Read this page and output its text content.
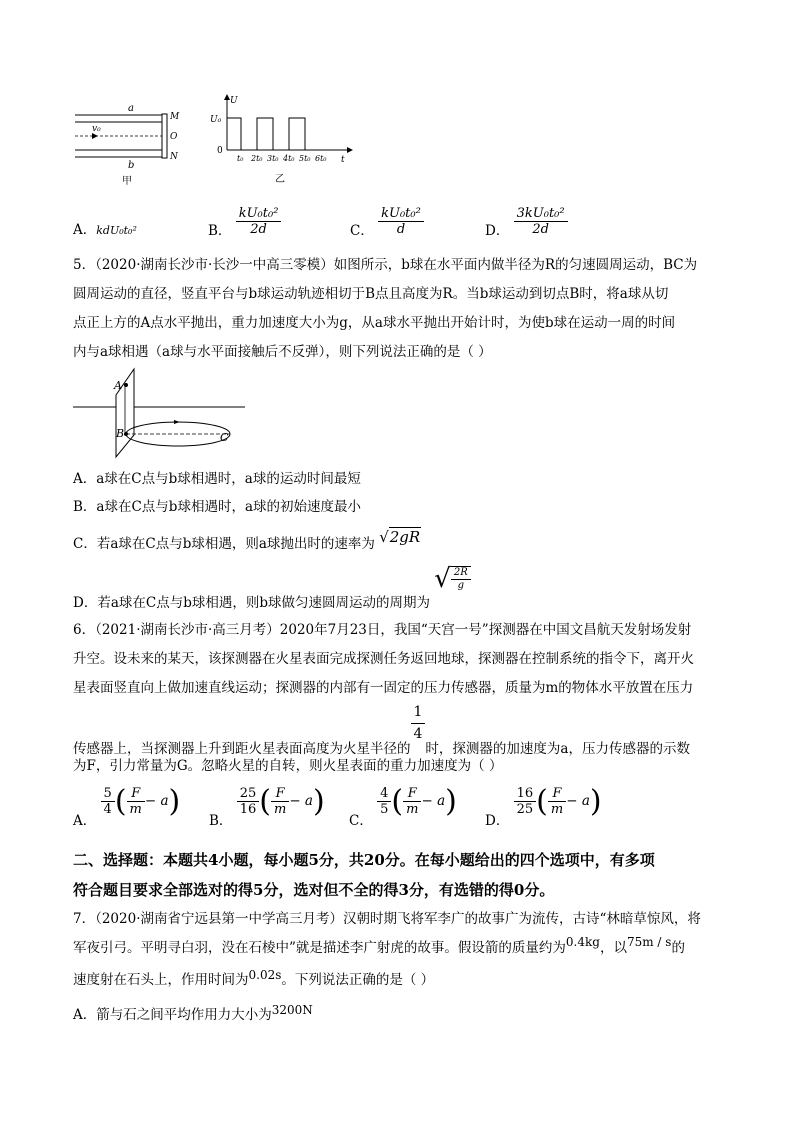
a
v₀
M
O
N
b
甲
U
U₀
0
t
t₀ 2t₀ 3t₀ 4t₀ 5t₀ 6t₀
乙
A．kdU₀t₀²	B． $\frac{\text{kU₀t₀²}}{2d}$	C． $\frac{\text{kU₀t₀²}}{d}$	D． $\frac{\text{3kU₀t₀²}}{2d}$
5．（2020·湖南长沙市·长沙一中高三零模）如图所示，b球在水平面内做半径为R的匀速圆周运动，BC为
圆周运动的直径，竖直平台与b球运动轨迹相切于B点且高度为R。当b球运动到切点B时，将a球从切
点正上方的A点水平抛出，重力加速度大小为g，从a球水平抛出开始计时，为使b球在运动一周的时间
内与a球相遇（a球与水平面接触后不反弹），则下列说法正确的是（ ）
A
B	C
A．a球在C点与b球相遇时，a球的运动时间最短
B．a球在C点与b球相遇时，a球的初始速度最小
C．若a球在C点与b球相遇，则a球抛出时的速率为 √2gR
D．若a球在C点与b球相遇，则b球做匀速圆周运动的周期为 √ $\frac{2R}{g}$
6．（2021·湖南长沙市·高三月考）2020年7月23日，我国“天宫一号”探测器在中国文昌航天发射场发射
升空。设未来的某天，该探测器在火星表面完成探测任务返回地球，探测器在控制系统的指令下，离开火
星表面竖直向上做加速直线运动；探测器的内部有一固定的压力传感器，质量为m的物体水平放置在压力
传感器上，当探测器上升到距火星表面高度为火星半径的
$\frac{1}{4}$
时，探测器的加速度为a，压力传感器的示数
为F，引力常量为G。忽略火星的自转，则火星表面的重力加速度为（ ）
A．
$\frac{5}{4}$ ( $\frac{F}{m} - a$)
B．
$\frac{25}{16}$ ( $\frac{F}{m} - a$)
C．
$\frac{4}{5}$ ( $\frac{F}{m} - a$)
D．
$\frac{16}{25}$ ( $\frac{F}{m} - a$)
二、选择题：本题共4小题，每小题5分，共20分。在每小题给出的四个选项中，有多项
符合题目要求全部选对的得5分，选对但不全的得3分，有选错的得0分。
7．（2020·湖南省宁远县第一中学高三月考）汉朝时期飞将军李广的故事广为流传，古诗“林暗草惊风，将
军夜引弓。平明寻白羽，没在石棱中”就是描述李广射虎的故事。假设箭的质量约为0.4kg，以75m / s的
速度射在石头上，作用时间为0.02s。下列说法正确的是（ ）
A．箭与石之间平均作用力大小为3200N
